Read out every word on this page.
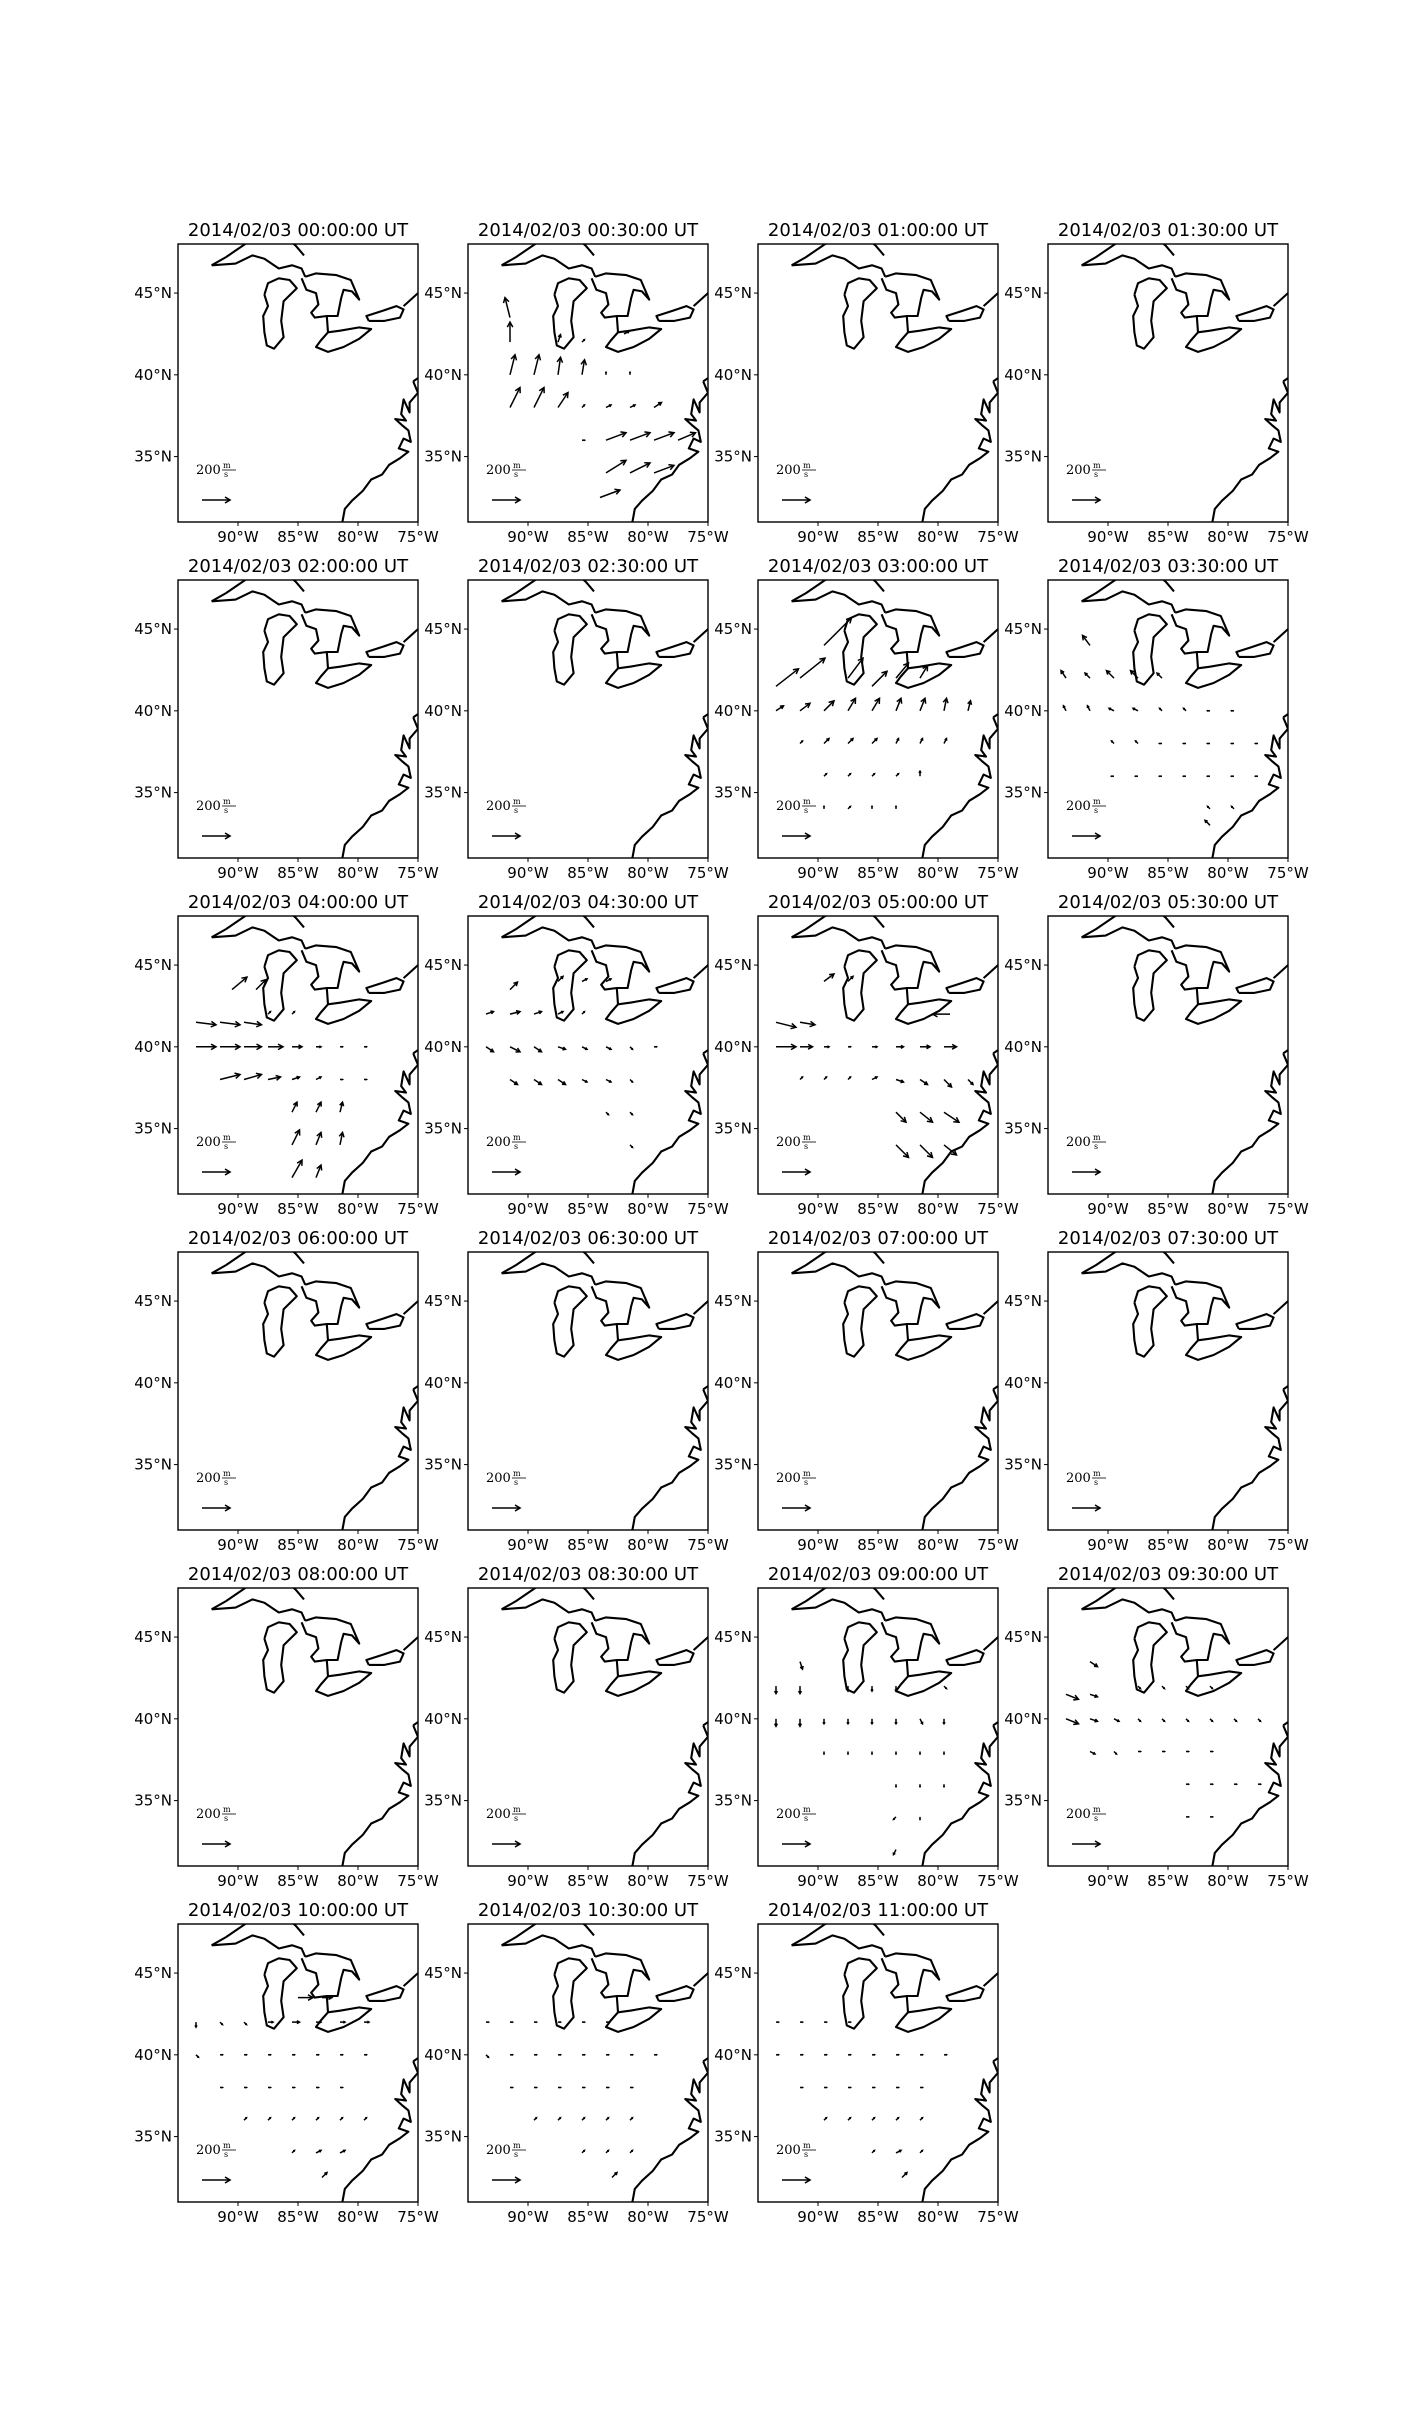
2014/02/03 00:00:00 UT
200 m
s
90°W 85°W 80°W 75°W
45°N
40°N
35°N
2014/02/03 00:30:00 UT
200 m
s
90°W 85°W 80°W 75°W
45°N
40°N
35°N
2014/02/03 01:00:00 UT
200 m
s
90°W 85°W 80°W 75°W
45°N
40°N
35°N
2014/02/03 01:30:00 UT
200 m
s
90°W 85°W 80°W 75°W
45°N
40°N
35°N
2014/02/03 02:00:00 UT
200 m
s
90°W 85°W 80°W 75°W
45°N
40°N
35°N
2014/02/03 02:30:00 UT
200 m
s
90°W 85°W 80°W 75°W
45°N
40°N
35°N
2014/02/03 03:00:00 UT
200 m
s
90°W 85°W 80°W 75°W
45°N
40°N
35°N
2014/02/03 03:30:00 UT
200 m
s
90°W 85°W 80°W 75°W
45°N
40°N
35°N
2014/02/03 04:00:00 UT
200 m
s
90°W 85°W 80°W 75°W
45°N
40°N
35°N
2014/02/03 04:30:00 UT
200 m
s
90°W 85°W 80°W 75°W
45°N
40°N
35°N
2014/02/03 05:00:00 UT
200 m
s
90°W 85°W 80°W 75°W
45°N
40°N
35°N
2014/02/03 05:30:00 UT
200 m
s
90°W 85°W 80°W 75°W
45°N
40°N
35°N
2014/02/03 06:00:00 UT
200 m
s
90°W 85°W 80°W 75°W
45°N
40°N
35°N
2014/02/03 06:30:00 UT
200 m
s
90°W 85°W 80°W 75°W
45°N
40°N
35°N
2014/02/03 07:00:00 UT
200 m
s
90°W 85°W 80°W 75°W
45°N
40°N
35°N
2014/02/03 07:30:00 UT
200 m
s
90°W 85°W 80°W 75°W
45°N
40°N
35°N
2014/02/03 08:00:00 UT
200 m
s
90°W 85°W 80°W 75°W
45°N
40°N
35°N
2014/02/03 08:30:00 UT
200 m
s
90°W 85°W 80°W 75°W
45°N
40°N
35°N
2014/02/03 09:00:00 UT
200 m
s
90°W 85°W 80°W 75°W
45°N
40°N
35°N
2014/02/03 09:30:00 UT
200 m
s
90°W 85°W 80°W 75°W
45°N
40°N
35°N
2014/02/03 10:00:00 UT
200 m
s
90°W 85°W 80°W 75°W
45°N
40°N
35°N
2014/02/03 10:30:00 UT
200 m
s
90°W 85°W 80°W 75°W
45°N
40°N
35°N
2014/02/03 11:00:00 UT
200 m
s
90°W 85°W 80°W 75°W
45°N
40°N
35°N
